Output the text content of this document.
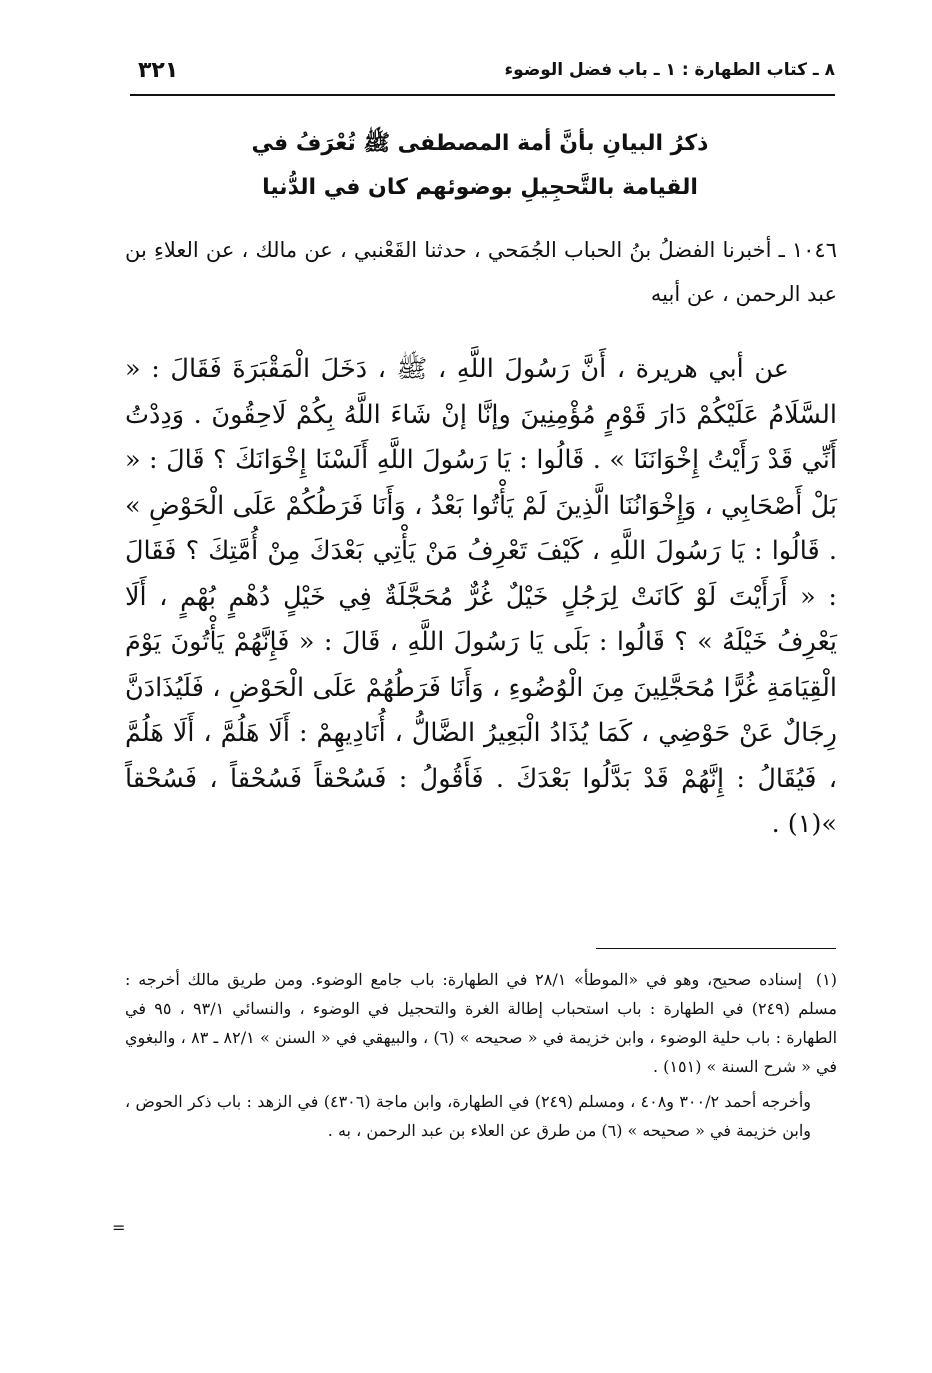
٨ ـ كتاب الطهارة : ١ ـ باب فضل الوضوء
٣٢١
ذكرُ البيانِ بأنَّ أمة المصطفى ﷺ تُعْرَفُ في
القيامة بالتَّحجِيلِ بوضوئهم كان في الدُّنيا
١٠٤٦ ـ أخبرنا الفضلُ بنُ الحباب الجُمَحي ، حدثنا القَعْنبي ، عن مالك ، عن العلاءِ بن عبد الرحمن ، عن أبيه
عن أبي هريرة ، أَنَّ رَسُولَ اللَّهِ ، ﷺ ، دَخَلَ الْمَقْبَرَةَ فَقَالَ : « السَّلَامُ عَلَيْكُمْ دَارَ قَوْمٍ مُؤْمِنِينَ وإنَّا إنْ شَاءَ اللَّهُ بِكُمْ لَاحِقُونَ . وَدِدْتُ أَنِّي قَدْ رَأَيْتُ إِخْوَانَنَا » . قَالُوا : يَا رَسُولَ اللَّهِ أَلَسْنَا إِخْوَانَكَ ؟ قَالَ : « بَلْ أَصْحَابِي ، وَإِخْوَانُنَا الَّذِينَ لَمْ يَأْتُوا بَعْدُ ، وَأَنَا فَرَطُكُمْ عَلَى الْحَوْضِ » . قَالُوا : يَا رَسُولَ اللَّهِ ، كَيْفَ تَعْرِفُ مَنْ يَأْتِي بَعْدَكَ مِنْ أُمَّتِكَ ؟ فَقَالَ : « أَرَأَيْتَ لَوْ كَانَتْ لِرَجُلٍ خَيْلٌ غُرٌّ مُحَجَّلَةٌ فِي خَيْلٍ دُهْمٍ بُهْمٍ ، أَلَا يَعْرِفُ خَيْلَهُ » ؟ قَالُوا : بَلَى يَا رَسُولَ اللَّهِ ، قَالَ : « فَإِنَّهُمْ يَأْتُونَ يَوْمَ الْقِيَامَةِ غُرًّا مُحَجَّلِينَ مِنَ الْوُضُوءِ ، وَأَنَا فَرَطُهُمْ عَلَى الْحَوْضِ ، فَلَيُذَادَنَّ رِجَالٌ عَنْ حَوْضِي ، كَمَا يُذَادُ الْبَعِيرُ الضَّالُّ ، أُنَادِيهِمْ : أَلَا هَلُمَّ ، أَلَا هَلُمَّ ، فَيُقَالُ : إِنَّهُمْ قَدْ بَدَّلُوا بَعْدَكَ . فَأَقُولُ : فَسُحْقاً فَسُحْقاً ، فَسُحْقاً »(١) .
(١) إسناده صحيح، وهو في «الموطأ» ٢٨/١ في الطهارة: باب جامع الوضوء. ومن طريق مالك أخرجه : مسلم (٢٤٩) في الطهارة : باب استحباب إطالة الغرة والتحجيل في الوضوء ، والنسائي ٩٣/١ ، ٩٥ في الطهارة : باب حلية الوضوء ، وابن خزيمة في « صحيحه » (٦) ، والبيهقي في « السنن » ٨٢/١ ـ ٨٣ ، والبغوي في « شرح السنة » (١٥١) .
وأخرجه أحمد ٣٠٠/٢ و٤٠٨ ، ومسلم (٢٤٩) في الطهارة، وابن ماجة (٤٣٠٦) في الزهد : باب ذكر الحوض ، وابن خزيمة في « صحيحه » (٦) من طرق عن العلاء بن عبد الرحمن ، به .
=
